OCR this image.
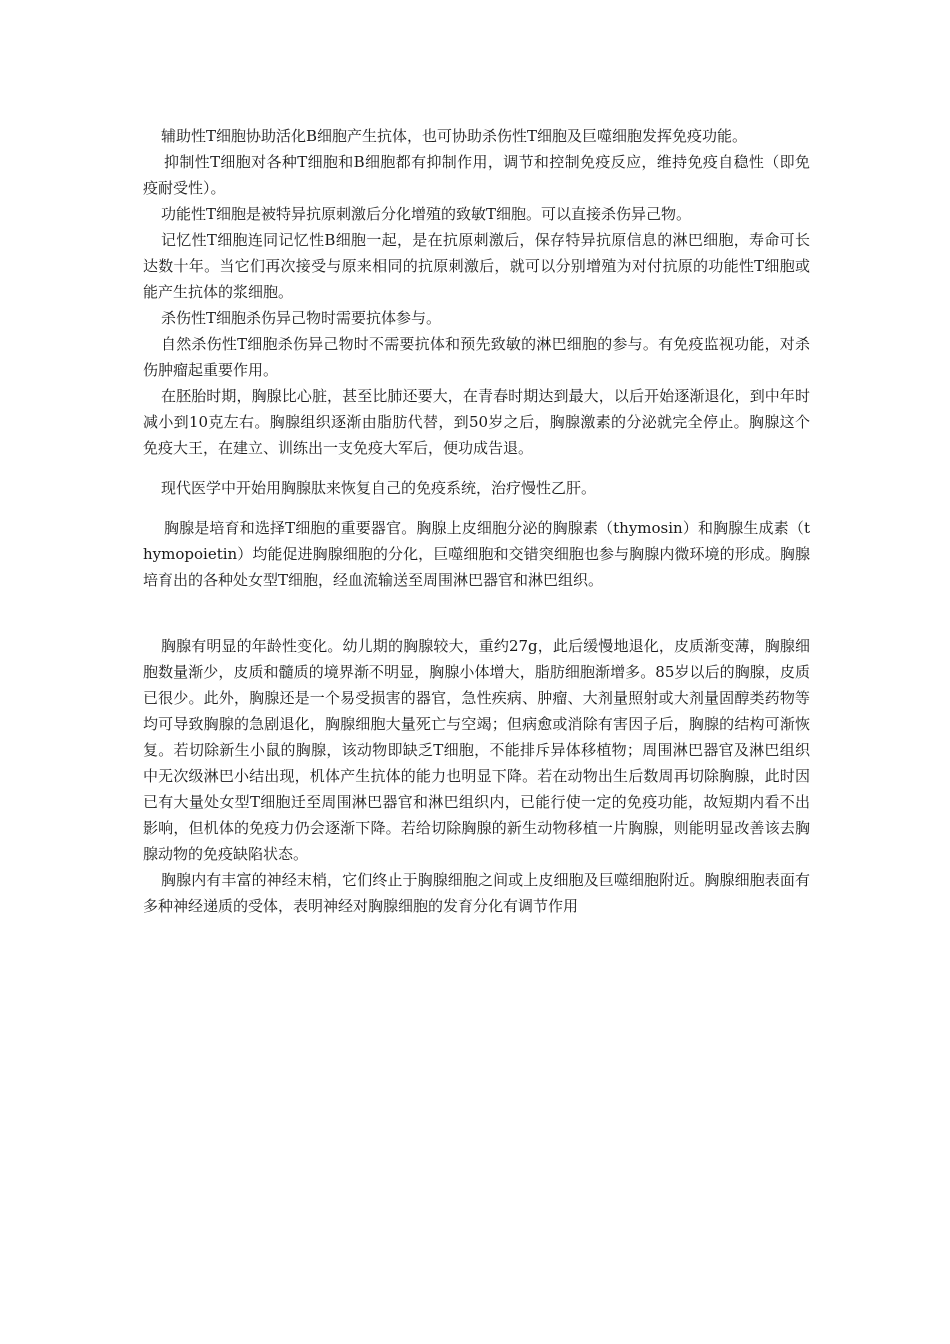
辅助性T细胞协助活化B细胞产生抗体，也可协助杀伤性T细胞及巨噬细胞发挥免疫功能。

抑制性T细胞对各种T细胞和B细胞都有抑制作用，调节和控制免疫反应，维持免疫自稳性（即免疫耐受性）。

功能性T细胞是被特异抗原刺激后分化增殖的致敏T细胞。可以直接杀伤异己物。

记忆性T细胞连同记忆性B细胞一起，是在抗原刺激后，保存特异抗原信息的淋巴细胞，寿命可长达数十年。当它们再次接受与原来相同的抗原刺激后，就可以分别增殖为对付抗原的功能性T细胞或能产生抗体的浆细胞。

杀伤性T细胞杀伤异己物时需要抗体参与。

自然杀伤性T细胞杀伤异己物时不需要抗体和预先致敏的淋巴细胞的参与。有免疫监视功能，对杀伤肿瘤起重要作用。

在胚胎时期，胸腺比心脏，甚至比肺还要大，在青春时期达到最大，以后开始逐渐退化，到中年时减小到10克左右。胸腺组织逐渐由脂肪代替，到50岁之后，胸腺激素的分泌就完全停止。胸腺这个免疫大王，在建立、训练出一支免疫大军后，便功成告退。

现代医学中开始用胸腺肽来恢复自己的免疫系统，治疗慢性乙肝。

胸腺是培育和选择T细胞的重要器官。胸腺上皮细胞分泌的胸腺素（thymosin）和胸腺生成素（thymopoietin）均能促进胸腺细胞的分化，巨噬细胞和交错突细胞也参与胸腺内微环境的形成。胸腺培育出的各种处女型T细胞，经血流输送至周围淋巴器官和淋巴组织。

胸腺有明显的年龄性变化。幼儿期的胸腺较大，重约27g，此后缓慢地退化，皮质渐变薄，胸腺细胞数量渐少，皮质和髓质的境界渐不明显，胸腺小体增大，脂肪细胞渐增多。85岁以后的胸腺，皮质已很少。此外，胸腺还是一个易受损害的器官，急性疾病、肿瘤、大剂量照射或大剂量固醇类药物等均可导致胸腺的急剧退化，胸腺细胞大量死亡与空竭；但病愈或消除有害因子后，胸腺的结构可渐恢复。若切除新生小鼠的胸腺，该动物即缺乏T细胞，不能排斥异体移植物；周围淋巴器官及淋巴组织中无次级淋巴小结出现，机体产生抗体的能力也明显下降。若在动物出生后数周再切除胸腺，此时因已有大量处女型T细胞迁至周围淋巴器官和淋巴组织内，已能行使一定的免疫功能，故短期内看不出影响，但机体的免疫力仍会逐渐下降。若给切除胸腺的新生动物移植一片胸腺，则能明显改善该去胸腺动物的免疫缺陷状态。

胸腺内有丰富的神经末梢，它们终止于胸腺细胞之间或上皮细胞及巨噬细胞附近。胸腺细胞表面有多种神经递质的受体，表明神经对胸腺细胞的发育分化有调节作用
